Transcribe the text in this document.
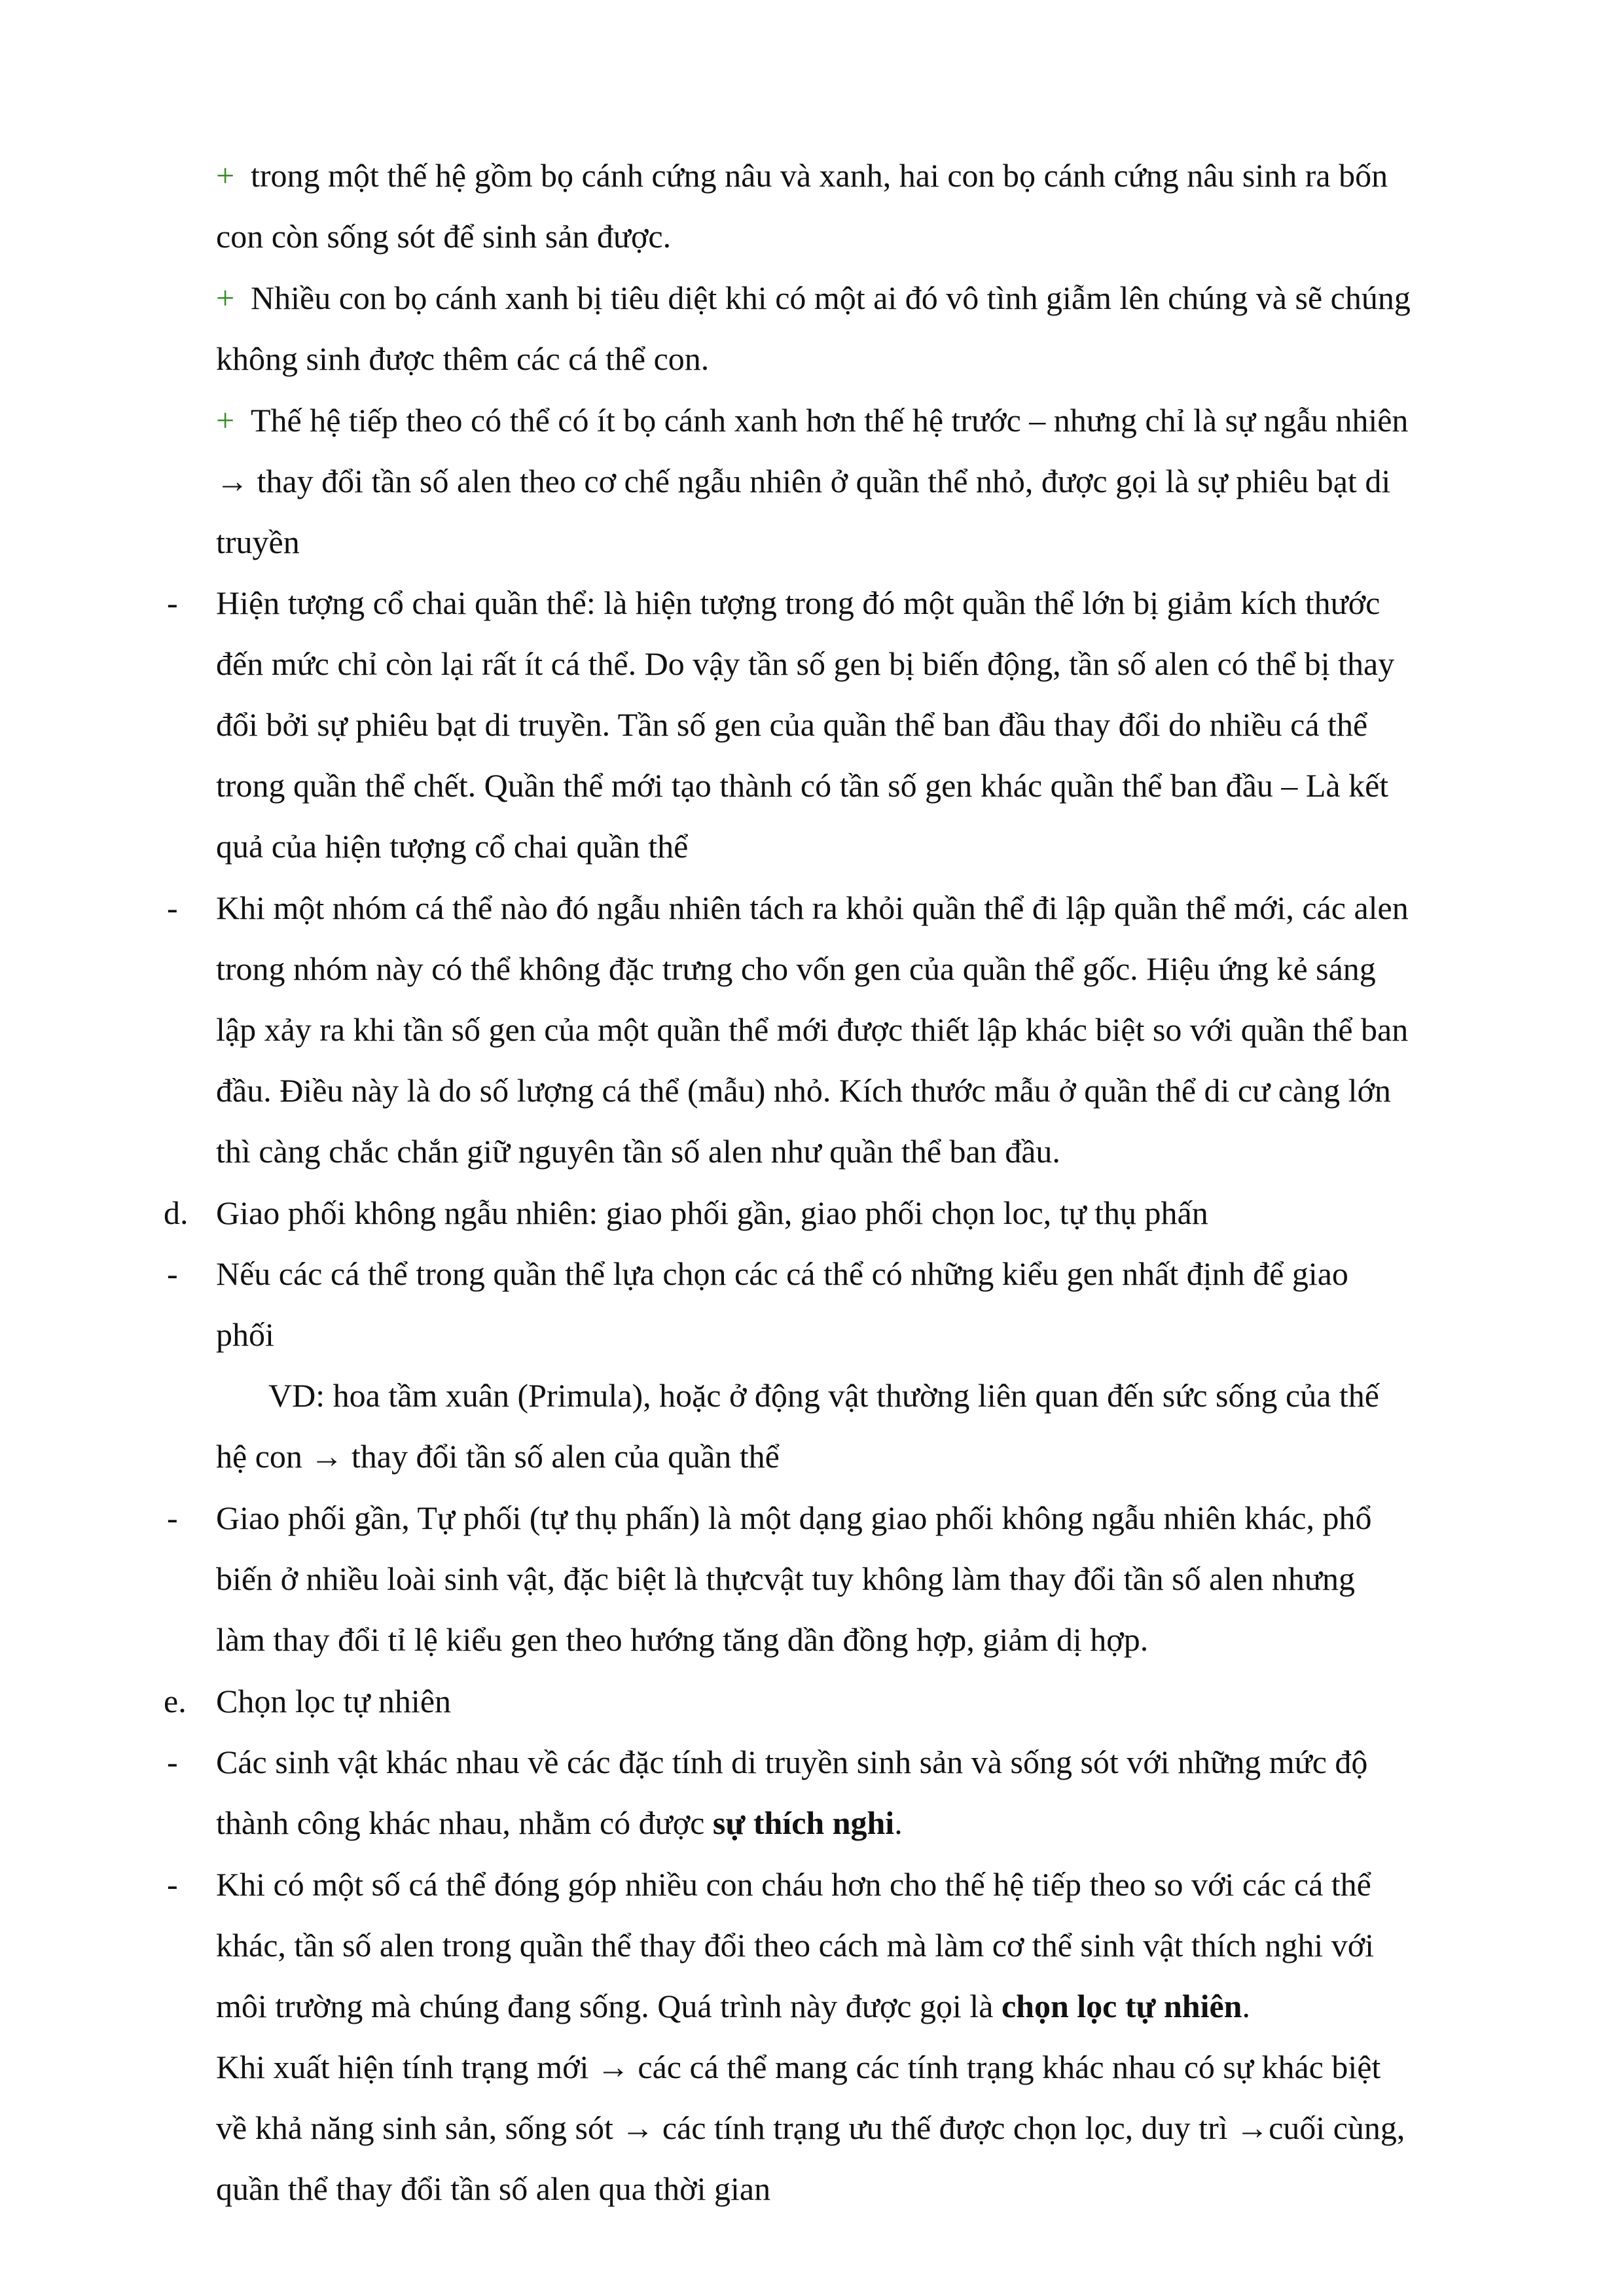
+ trong một thế hệ gồm bọ cánh cứng nâu và xanh, hai con bọ cánh cứng nâu sinh ra bốn
con còn sống sót để sinh sản được.
+ Nhiều con bọ cánh xanh bị tiêu diệt khi có một ai đó vô tình giẫm lên chúng và sẽ chúng
không sinh được thêm các cá thể con.
+ Thế hệ tiếp theo có thể có ít bọ cánh xanh hơn thế hệ trước – nhưng chỉ là sự ngẫu nhiên
→ thay đổi tần số alen theo cơ chế ngẫu nhiên ở quần thể nhỏ, được gọi là sự phiêu bạt di
truyền
- Hiện tượng cổ chai quần thể: là hiện tượng trong đó một quần thể lớn bị giảm kích thước
đến mức chỉ còn lại rất ít cá thể. Do vậy tần số gen bị biến động, tần số alen có thể bị thay
đổi bởi sự phiêu bạt di truyền. Tần số gen của quần thể ban đầu thay đổi do nhiều cá thể
trong quần thể chết. Quần thể mới tạo thành có tần số gen khác quần thể ban đầu – Là kết
quả của hiện tượng cổ chai quần thể
- Khi một nhóm cá thể nào đó ngẫu nhiên tách ra khỏi quần thể đi lập quần thể mới, các alen
trong nhóm này có thể không đặc trưng cho vốn gen của quần thể gốc. Hiệu ứng kẻ sáng
lập xảy ra khi tần số gen của một quần thể mới được thiết lập khác biệt so với quần thể ban
đầu. Điều này là do số lượng cá thể (mẫu) nhỏ. Kích thước mẫu ở quần thể di cư càng lớn
thì càng chắc chắn giữ nguyên tần số alen như quần thể ban đầu.
d. Giao phối không ngẫu nhiên: giao phối gần, giao phối chọn loc, tự thụ phấn
- Nếu các cá thể trong quần thể lựa chọn các cá thể có những kiểu gen nhất định để giao
phối
VD: hoa tầm xuân (Primula), hoặc ở động vật thường liên quan đến sức sống của thế
hệ con → thay đổi tần số alen của quần thể
- Giao phối gần, Tự phối (tự thụ phấn) là một dạng giao phối không ngẫu nhiên khác, phổ
biến ở nhiều loài sinh vật, đặc biệt là thựcvật tuy không làm thay đổi tần số alen nhưng
làm thay đổi tỉ lệ kiểu gen theo hướng tăng dần đồng hợp, giảm dị hợp.
e. Chọn lọc tự nhiên
- Các sinh vật khác nhau về các đặc tính di truyền sinh sản và sống sót với những mức độ
thành công khác nhau, nhằm có được sự thích nghi.
- Khi có một số cá thể đóng góp nhiều con cháu hơn cho thế hệ tiếp theo so với các cá thể
khác, tần số alen trong quần thể thay đổi theo cách mà làm cơ thể sinh vật thích nghi với
môi trường mà chúng đang sống. Quá trình này được gọi là chọn lọc tự nhiên.
Khi xuất hiện tính trạng mới → các cá thể mang các tính trạng khác nhau có sự khác biệt
về khả năng sinh sản, sống sót → các tính trạng ưu thế được chọn lọc, duy trì →cuối cùng,
quần thể thay đổi tần số alen qua thời gian
